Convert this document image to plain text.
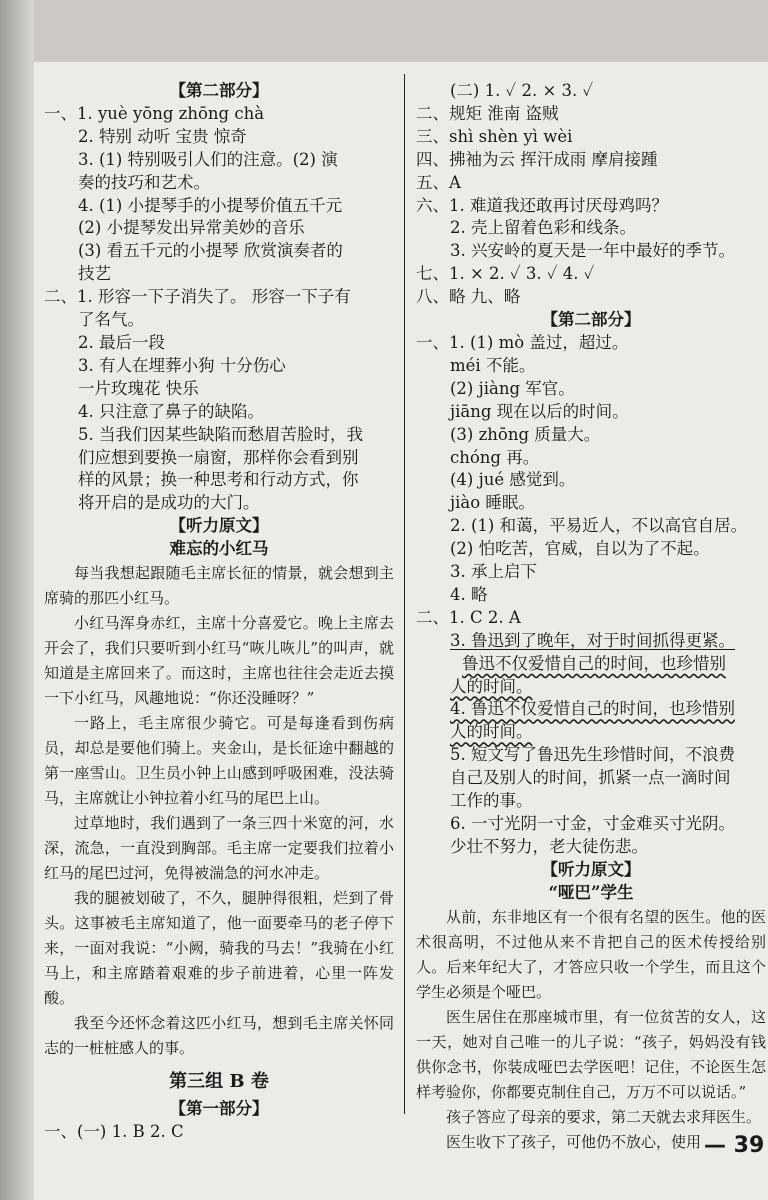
【第二部分】
一、1. yuè yōng zhōng chà
2. 特别 动听 宝贵 惊奇
3. (1) 特别吸引人们的注意。(2) 演
奏的技巧和艺术。
4. (1) 小提琴手的小提琴价值五千元
(2) 小提琴发出异常美妙的音乐
(3) 看五千元的小提琴 欣赏演奏者的
技艺
二、1. 形容一下子消失了。 形容一下子有
了名气。
2. 最后一段
3. 有人在埋葬小狗 十分伤心
一片玫瑰花 快乐
4. 只注意了鼻子的缺陷。
5. 当我们因某些缺陷而愁眉苦脸时，我
们应想到要换一扇窗，那样你会看到别
样的风景；换一种思考和行动方式，你
将开启的是成功的大门。
【听力原文】
难忘的小红马
每当我想起跟随毛主席长征的情景，就会想到主席骑的那匹小红马。
小红马浑身赤红，主席十分喜爱它。晚上主席去开会了，我们只要听到小红马“咴儿咴儿”的叫声，就知道是主席回来了。而这时，主席也往往会走近去摸一下小红马，风趣地说：“你还没睡呀？”
一路上，毛主席很少骑它。可是每逢看到伤病员，却总是要他们骑上。夹金山，是长征途中翻越的第一座雪山。卫生员小钟上山感到呼吸困难，没法骑马，主席就让小钟拉着小红马的尾巴上山。
过草地时，我们遇到了一条三四十米宽的河，水深，流急，一直没到胸部。毛主席一定要我们拉着小红马的尾巴过河，免得被湍急的河水冲走。
我的腿被划破了，不久，腿肿得很粗，烂到了骨头。这事被毛主席知道了，他一面要牵马的老子停下来，一面对我说：“小阙，骑我的马去！”我骑在小红马上，和主席踏着艰难的步子前进着，心里一阵发酸。
我至今还怀念着这匹小红马，想到毛主席关怀同志的一桩桩感人的事。
第三组 B 卷
【第一部分】
一、(一) 1. B 2. C
(二) 1. ✓ 2. × 3. ✓
二、规矩 淮南 盗贼
三、shì shèn yì wèi
四、拂袖为云 挥汗成雨 摩肩接踵
五、A
六、1. 难道我还敢再讨厌母鸡吗？
2. 壳上留着色彩和线条。
3. 兴安岭的夏天是一年中最好的季节。
七、1. × 2. ✓ 3. ✓ 4. ✓
八、略 九、略
【第二部分】
一、1. (1) mò 盖过，超过。
méi 不能。
(2) jiàng 军官。
jiāng 现在以后的时间。
(3) zhōng 质量大。
chóng 再。
(4) jué 感觉到。
jiào 睡眠。
2. (1) 和蔼，平易近人，不以高官自居。
(2) 怕吃苦，官威，自以为了不起。
3. 承上启下
4. 略
二、1. C 2. A
3. 鲁迅到了晚年，对于时间抓得更紧。
鲁迅不仅爱惜自己的时间，也珍惜别
人的时间。
4. 鲁迅不仅爱惜自己的时间，也珍惜别
人的时间。
5. 短文写了鲁迅先生珍惜时间，不浪费
自己及别人的时间，抓紧一点一滴时间
工作的事。
6. 一寸光阴一寸金，寸金难买寸光阴。
少壮不努力，老大徒伤悲。
【听力原文】
“哑巴”学生
从前，东非地区有一个很有名望的医生。他的医术很高明，不过他从来不肯把自己的医术传授给别人。后来年纪大了，才答应只收一个学生，而且这个学生必须是个哑巴。
医生居住在那座城市里，有一位贫苦的女人，这一天，她对自己唯一的儿子说：“孩子，妈妈没有钱供你念书，你装成哑巴去学医吧！记住，不论医生怎样考验你，你都要克制住自己，万万不可以说话。”
孩子答应了母亲的要求，第二天就去求拜医生。
医生收下了孩子，可他仍不放心，使用 — 39
